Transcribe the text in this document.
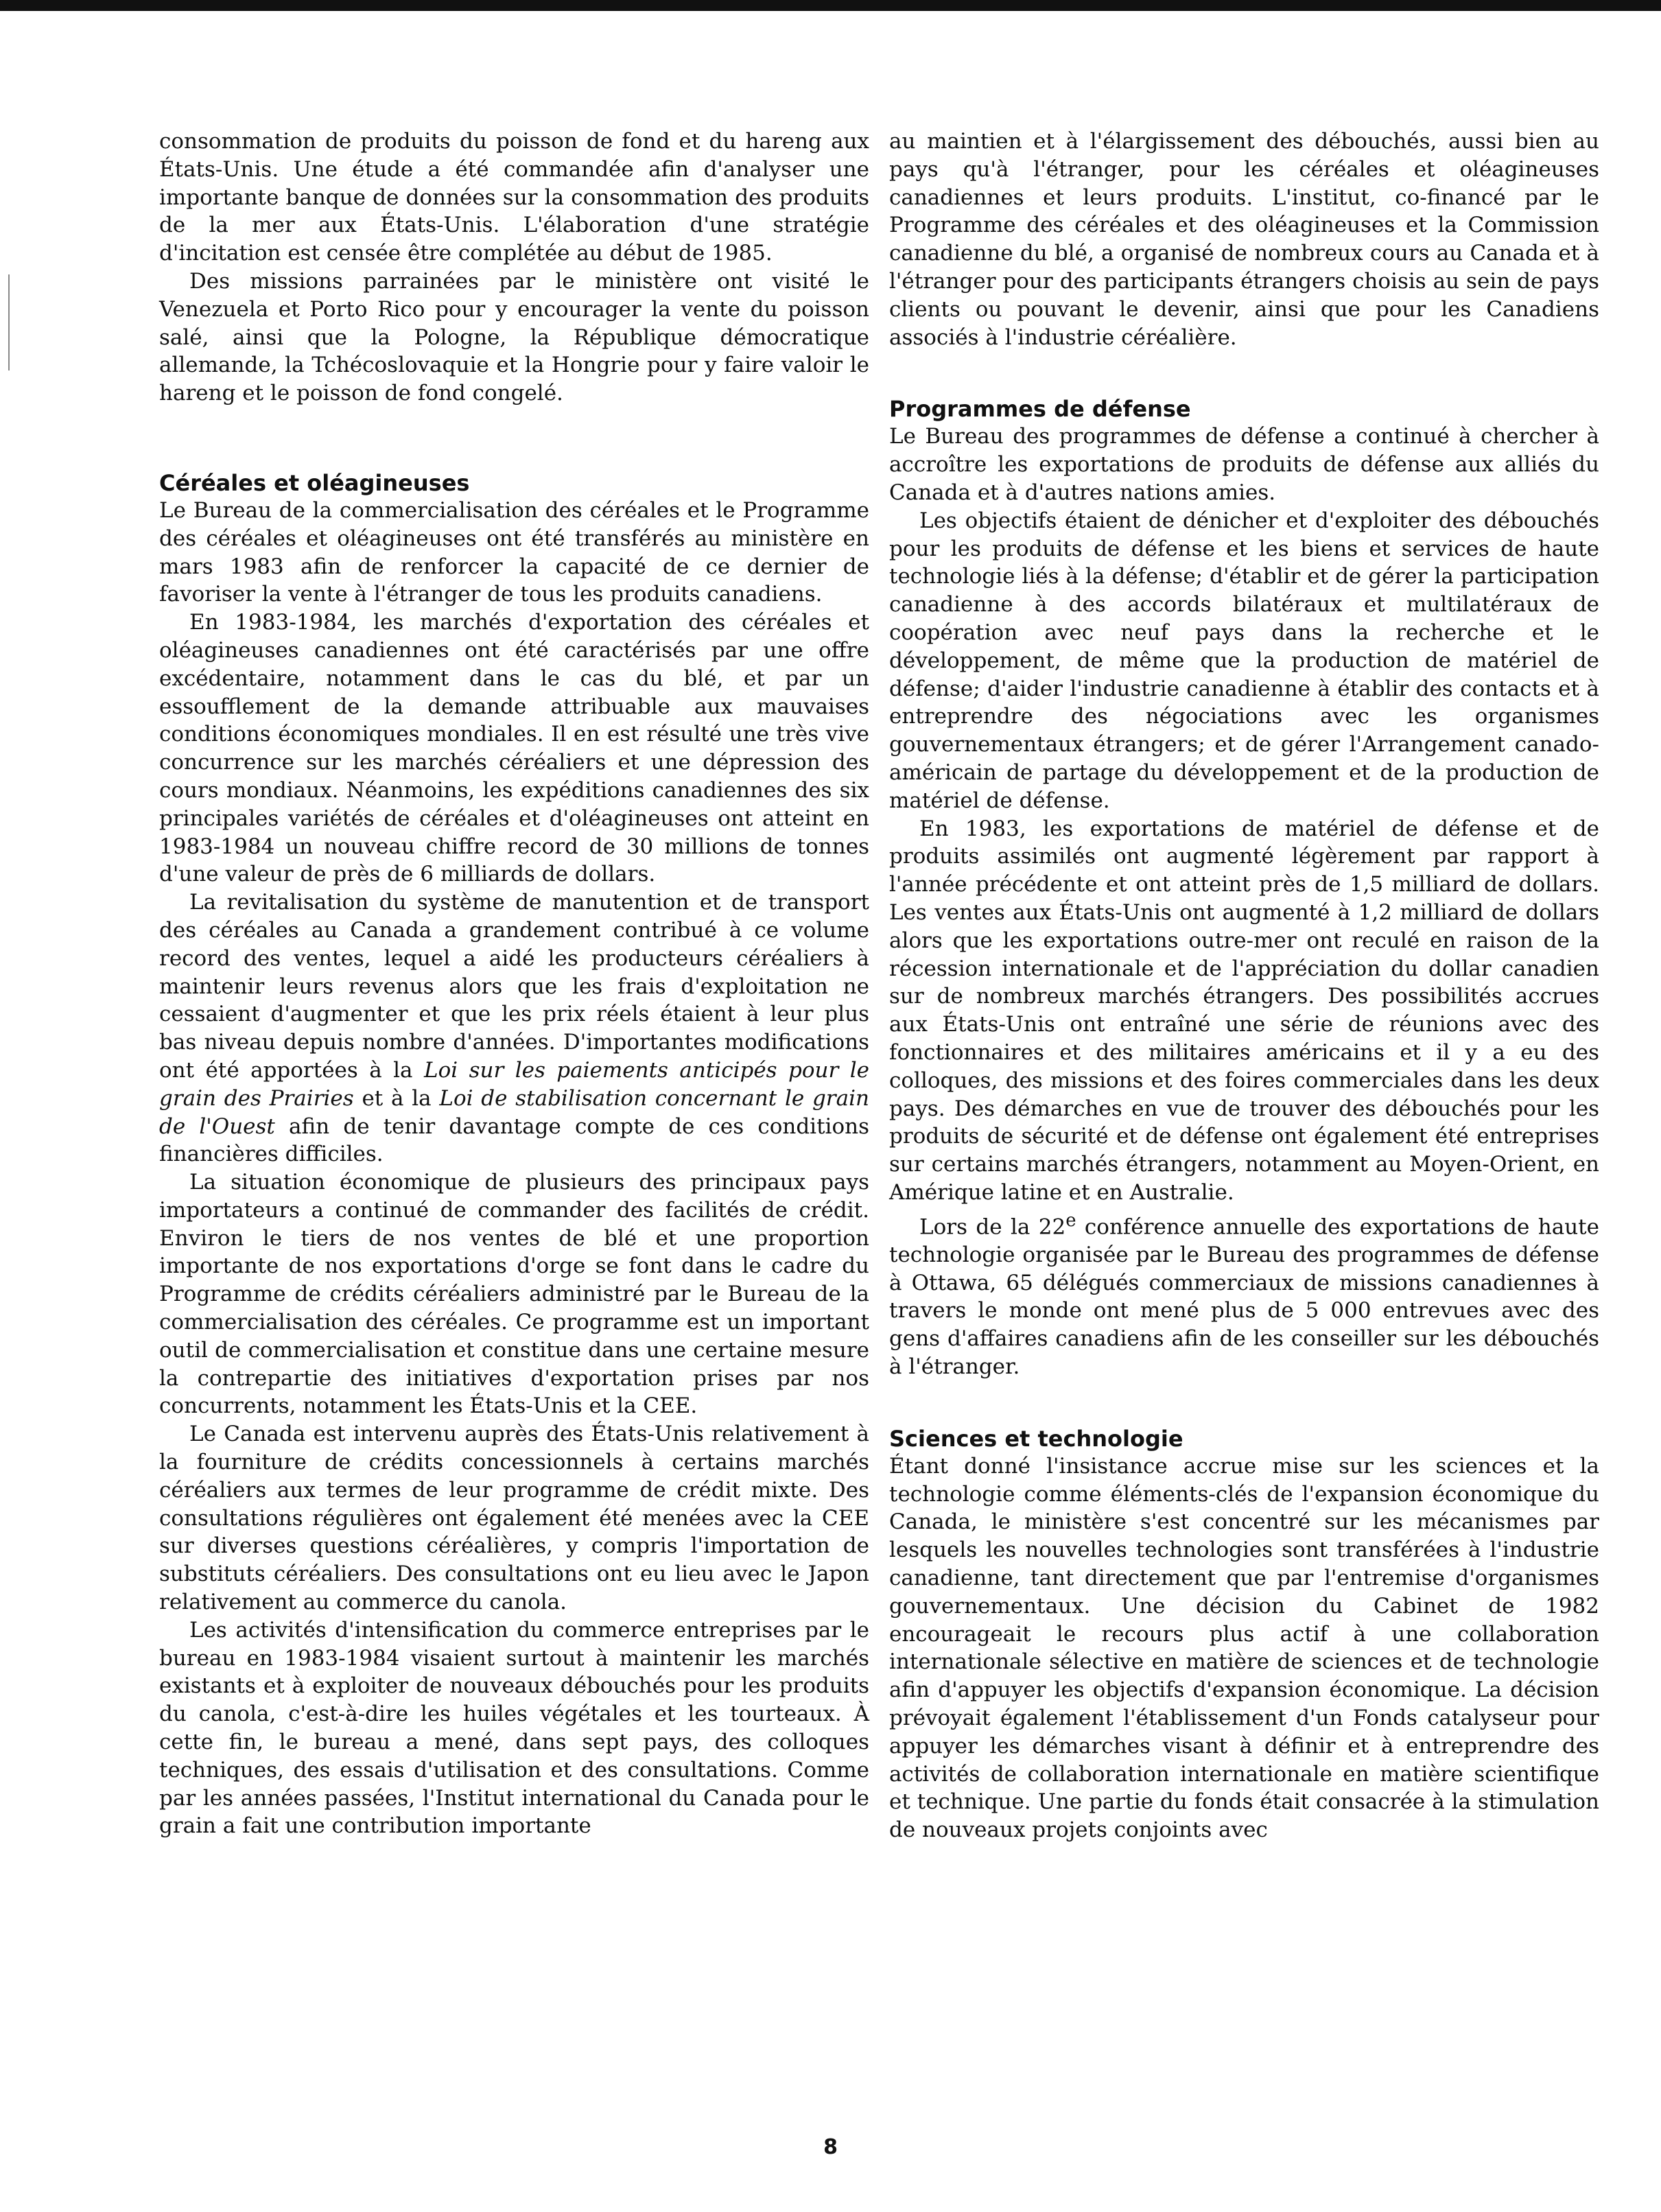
consommation de produits du poisson de fond et du hareng aux États-Unis. Une étude a été commandée afin d'analyser une importante banque de données sur la consommation des produits de la mer aux États-Unis. L'élaboration d'une stratégie d'incitation est censée être complétée au début de 1985.

Des missions parrainées par le ministère ont visité le Venezuela et Porto Rico pour y encourager la vente du poisson salé, ainsi que la Pologne, la République démocratique allemande, la Tchécoslovaquie et la Hongrie pour y faire valoir le hareng et le poisson de fond congelé.

Céréales et oléagineuses

Le Bureau de la commercialisation des céréales et le Programme des céréales et oléagineuses ont été transférés au ministère en mars 1983 afin de renforcer la capacité de ce dernier de favoriser la vente à l'étranger de tous les produits canadiens.

En 1983-1984, les marchés d'exportation des céréales et oléagineuses canadiennes ont été caractérisés par une offre excédentaire, notamment dans le cas du blé, et par un essoufflement de la demande attribuable aux mauvaises conditions économiques mondiales. Il en est résulté une très vive concurrence sur les marchés céréaliers et une dépression des cours mondiaux. Néanmoins, les expéditions canadiennes des six principales variétés de céréales et d'oléagineuses ont atteint en 1983-1984 un nouveau chiffre record de 30 millions de tonnes d'une valeur de près de 6 milliards de dollars.

La revitalisation du système de manutention et de transport des céréales au Canada a grandement contribué à ce volume record des ventes, lequel a aidé les producteurs céréaliers à maintenir leurs revenus alors que les frais d'exploitation ne cessaient d'augmenter et que les prix réels étaient à leur plus bas niveau depuis nombre d'années. D'importantes modifications ont été apportées à la Loi sur les paiements anticipés pour le grain des Prairies et à la Loi de stabilisation concernant le grain de l'Ouest afin de tenir davantage compte de ces conditions financières difficiles.

La situation économique de plusieurs des principaux pays importateurs a continué de commander des facilités de crédit. Environ le tiers de nos ventes de blé et une proportion importante de nos exportations d'orge se font dans le cadre du Programme de crédits céréaliers administré par le Bureau de la commercialisation des céréales. Ce programme est un important outil de commercialisation et constitue dans une certaine mesure la contrepartie des initiatives d'exportation prises par nos concurrents, notamment les États-Unis et la CEE.

Le Canada est intervenu auprès des États-Unis relativement à la fourniture de crédits concessionnels à certains marchés céréaliers aux termes de leur programme de crédit mixte. Des consultations régulières ont également été menées avec la CEE sur diverses questions céréalières, y compris l'importation de substituts céréaliers. Des consultations ont eu lieu avec le Japon relativement au commerce du canola.

Les activités d'intensification du commerce entreprises par le bureau en 1983-1984 visaient surtout à maintenir les marchés existants et à exploiter de nouveaux débouchés pour les produits du canola, c'est-à-dire les huiles végétales et les tourteaux. À cette fin, le bureau a mené, dans sept pays, des colloques techniques, des essais d'utilisation et des consultations. Comme par les années passées, l'Institut international du Canada pour le grain a fait une contribution importante

au maintien et à l'élargissement des débouchés, aussi bien au pays qu'à l'étranger, pour les céréales et oléagineuses canadiennes et leurs produits. L'institut, co-financé par le Programme des céréales et des oléagineuses et la Commission canadienne du blé, a organisé de nombreux cours au Canada et à l'étranger pour des participants étrangers choisis au sein de pays clients ou pouvant le devenir, ainsi que pour les Canadiens associés à l'industrie céréalière.

Programmes de défense

Le Bureau des programmes de défense a continué à chercher à accroître les exportations de produits de défense aux alliés du Canada et à d'autres nations amies.

Les objectifs étaient de dénicher et d'exploiter des débouchés pour les produits de défense et les biens et services de haute technologie liés à la défense; d'établir et de gérer la participation canadienne à des accords bilatéraux et multilatéraux de coopération avec neuf pays dans la recherche et le développement, de même que la production de matériel de défense; d'aider l'industrie canadienne à établir des contacts et à entreprendre des négociations avec les organismes gouvernementaux étrangers; et de gérer l'Arrangement canado-américain de partage du développement et de la production de matériel de défense.

En 1983, les exportations de matériel de défense et de produits assimilés ont augmenté légèrement par rapport à l'année précédente et ont atteint près de 1,5 milliard de dollars. Les ventes aux États-Unis ont augmenté à 1,2 milliard de dollars alors que les exportations outre-mer ont reculé en raison de la récession internationale et de l'appréciation du dollar canadien sur de nombreux marchés étrangers. Des possibilités accrues aux États-Unis ont entraîné une série de réunions avec des fonctionnaires et des militaires américains et il y a eu des colloques, des missions et des foires commerciales dans les deux pays. Des démarches en vue de trouver des débouchés pour les produits de sécurité et de défense ont également été entreprises sur certains marchés étrangers, notamment au Moyen-Orient, en Amérique latine et en Australie.

Lors de la 22e conférence annuelle des exportations de haute technologie organisée par le Bureau des programmes de défense à Ottawa, 65 délégués commerciaux de missions canadiennes à travers le monde ont mené plus de 5 000 entrevues avec des gens d'affaires canadiens afin de les conseiller sur les débouchés à l'étranger.

Sciences et technologie

Étant donné l'insistance accrue mise sur les sciences et la technologie comme éléments-clés de l'expansion économique du Canada, le ministère s'est concentré sur les mécanismes par lesquels les nouvelles technologies sont transférées à l'industrie canadienne, tant directement que par l'entremise d'organismes gouvernementaux. Une décision du Cabinet de 1982 encourageait le recours plus actif à une collaboration internationale sélective en matière de sciences et de technologie afin d'appuyer les objectifs d'expansion économique. La décision prévoyait également l'établissement d'un Fonds catalyseur pour appuyer les démarches visant à définir et à entreprendre des activités de collaboration internationale en matière scientifique et technique. Une partie du fonds était consacrée à la stimulation de nouveaux projets conjoints avec

8
